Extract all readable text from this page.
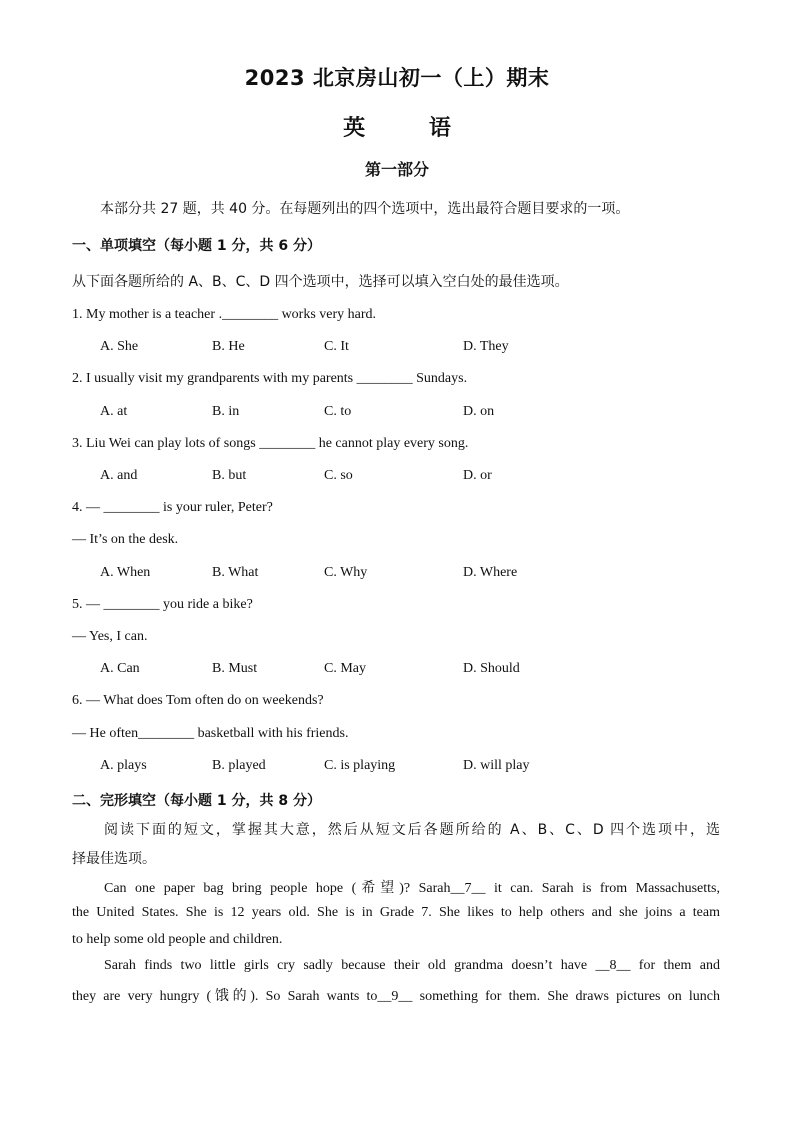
2023 北京房山初一（上）期末
英 语
第一部分
本部分共 27 题，共 40 分。在每题列出的四个选项中，选出最符合题目要求的一项。
一、单项填空（每小题 1 分，共 6 分）
从下面各题所给的 A、B、C、D 四个选项中，选择可以填入空白处的最佳选项。
1. My mother is a teacher .________ works very hard.
A. She	B. He	C. It	D. They
2. I usually visit my grandparents with my parents ________ Sundays.
A. at	B. in	C. to	D. on
3. Liu Wei can play lots of songs ________ he cannot play every song.
A. and	B. but	C. so	D. or
4. — ________ is your ruler, Peter?
— It’s on the desk.
A. When	B. What	C. Why	D. Where
5. — ________ you ride a bike?
— Yes, I can.
A. Can	B. Must	C. May	D. Should
6. — What does Tom often do on weekends?
— He often________ basketball with his friends.
A. plays	B. played	C. is playing	D. will play
二、完形填空（每小题 1 分，共 8 分）
阅读下面的短文，掌握其大意，然后从短文后各题所给的 A、B、C、D 四个选项中，选
择最佳选项。
Can one paper bag bring people hope (希望)? Sarah__7__ it can. Sarah is from Massachusetts,
the United States. She is 12 years old. She is in Grade 7. She likes to help others and she joins a team
to help some old people and children.
Sarah finds two little girls cry sadly because their old grandma doesn’t have __8__ for them and
they are very hungry (饿的). So Sarah wants to__9__ something for them. She draws pictures on lunch
